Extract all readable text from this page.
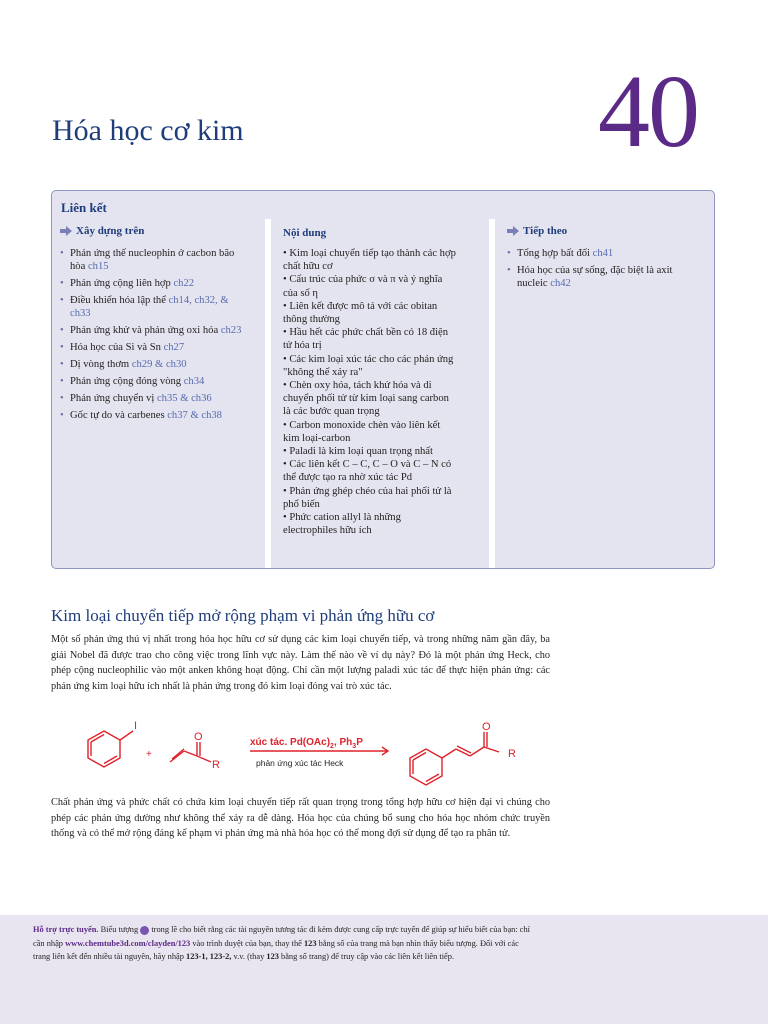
40
Hóa học cơ kim
Liên kết
Xây dựng trên
• Phản ứng thế nucleophin ở cacbon bão hòa ch15
• Phản ứng cộng liên hợp ch22
• Điều khiển hóa lập thể ch14, ch32, & ch33
• Phản ứng khử và phản ứng oxi hóa ch23
• Hóa học của Si và Sn ch27
• Dị vòng thơm ch29 & ch30
• Phản ứng cộng đóng vòng ch34
• Phản ứng chuyển vị ch35 & ch36
• Gốc tự do và carbenes ch37 & ch38
Nội dung
• Kim loại chuyển tiếp tạo thành các hợp
chất hữu cơ
• Cấu trúc của phức σ và π và ý nghĩa
của số η
• Liên kết được mô tả với các obitan
thông thường
• Hầu hết các phức chất bền có 18 điện
tử hóa trị
• Các kim loại xúc tác cho các phản ứng
"không thể xảy ra"
• Chèn oxy hóa, tách khử hóa và di
chuyển phối tử từ kim loại sang carbon
là các bước quan trọng
• Carbon monoxide chèn vào liên kết
kim loại-carbon
• Paladi là kim loại quan trọng nhất
• Các liên kết C – C, C – O và C – N có
thể được tạo ra nhờ xúc tác Pd
• Phản ứng ghép chéo của hai phối tử là
phổ biến
• Phức cation allyl là những
electrophiles hữu ích
Tiếp theo
• Tổng hợp bất đối ch41
• Hóa học của sự sống, đặc biệt là axit nucleic ch42
Kim loại chuyển tiếp mở rộng phạm vi phản ứng hữu cơ

Một số phản ứng thú vị nhất trong hóa học hữu cơ sử dụng các kim loại chuyển tiếp, và trong những năm gần đây, ba giải Nobel đã được trao cho công việc trong lĩnh vực này. Làm thế nào về ví dụ này? Đó là một phản ứng Heck, cho phép cộng nucleophilic vào một anken không hoạt động. Chỉ cần một lượng paladi xúc tác để thực hiện phản ứng: các phản ứng kim loại hữu ích nhất là phản ứng trong đó kim loại đóng vai trò xúc tác.

I
+
O
R
xúc tác. $Pd(OAc)_2$, $Ph_3P$
O
R
phản ứng xúc tác Heck

Chất phản ứng và phức chất có chứa kim loại chuyển tiếp rất quan trọng trong tổng hợp hữu cơ hiện đại vì chúng cho phép các phản ứng dường như không thể xảy ra dễ dàng. Hóa học của chúng bổ sung cho hóa học nhóm chức truyền thống và có thể mở rộng đáng kể phạm vi phản ứng mà nhà hóa học có thể mong đợi sử dụng để tạo ra phân tử.

Hỗ trợ trực tuyến. Biểu tượng  trong lề cho biết rằng các tài nguyên tương tác đi kèm được cung cấp trực tuyến để giúp sự hiểu biết của bạn: chỉ cần nhập www.chemtube3d.com/clayden/123 vào trình duyệt của bạn, thay thế 123 bằng số của trang mà bạn nhìn thấy biểu tượng. Đối với các trang liên kết đến nhiều tài nguyên, hãy nhập 123-1, 123-2, v.v. (thay 123 bằng số trang) để truy cập vào các liên kết liên tiếp.
